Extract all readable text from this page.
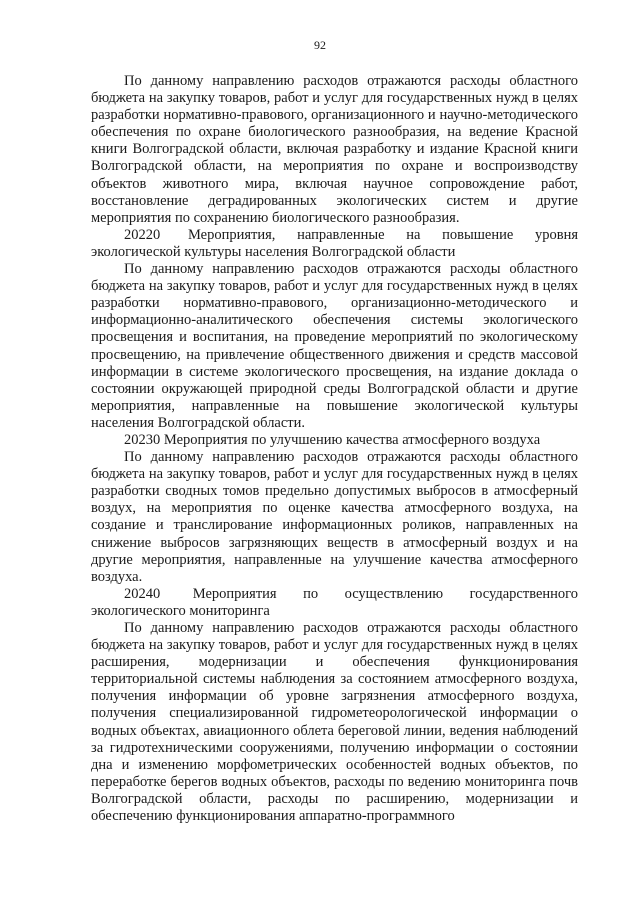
92

По данному направлению расходов отражаются расходы областного бюджета на закупку товаров, работ и услуг для государственных нужд в целях разработки нормативно-правового, организационного и научно-методического обеспечения по охране биологического разнообразия, на ведение Красной книги Волгоградской области, включая разработку и издание Красной книги Волгоградской области, на мероприятия по охране и воспроизводству объектов животного мира, включая научное сопровождение работ, восстановление деградированных экологических систем и другие мероприятия по сохранению биологического разнообразия.

20220 Мероприятия, направленные на повышение уровня экологической культуры населения Волгоградской области

По данному направлению расходов отражаются расходы областного бюджета на закупку товаров, работ и услуг для государственных нужд в целях разработки нормативно-правового, организационно-методического и информационно-аналитического обеспечения системы экологического просвещения и воспитания, на проведение мероприятий по экологическому просвещению, на привлечение общественного движения и средств массовой информации в системе экологического просвещения, на издание доклада о состоянии окружающей природной среды Волгоградской области и другие мероприятия, направленные на повышение экологической культуры населения Волгоградской области.

20230 Мероприятия по улучшению качества атмосферного воздуха

По данному направлению расходов отражаются расходы областного бюджета на закупку товаров, работ и услуг для государственных нужд в целях разработки сводных томов предельно допустимых выбросов в атмосферный воздух, на мероприятия по оценке качества атмосферного воздуха, на создание и транслирование информационных роликов, направленных на снижение выбросов загрязняющих веществ в атмосферный воздух и на другие мероприятия, направленные на улучшение качества атмосферного воздуха.

20240 Мероприятия по осуществлению государственного экологического мониторинга

По данному направлению расходов отражаются расходы областного бюджета на закупку товаров, работ и услуг для государственных нужд в целях расширения, модернизации и обеспечения функционирования территориальной системы наблюдения за состоянием атмосферного воздуха, получения информации об уровне загрязнения атмосферного воздуха, получения специализированной гидрометеорологической информации о водных объектах, авиационного облета береговой линии, ведения наблюдений за гидротехническими сооружениями, получению информации о состоянии дна и изменению морфометрических особенностей водных объектов, по переработке берегов водных объектов, расходы по ведению мониторинга почв Волгоградской области, расходы по расширению, модернизации и обеспечению функционирования аппаратно-программного
